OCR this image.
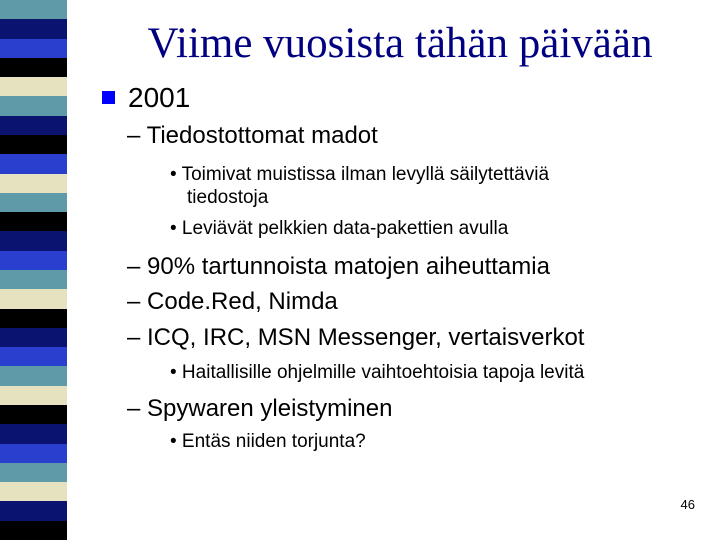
Viime vuosista tähän päivään

2001

– Tiedostottomat madot

• Toimivat muistissa ilman levyllä säilytettäviä

tiedostoja

• Leviävät pelkkien data-pakettien avulla

– 90% tartunnoista matojen aiheuttamia

– Code.Red, Nimda

– ICQ, IRC, MSN Messenger, vertaisverkot

• Haitallisille ohjelmille vaihtoehtoisia tapoja levitä

– Spywaren yleistyminen

• Entäs niiden torjunta?

46
